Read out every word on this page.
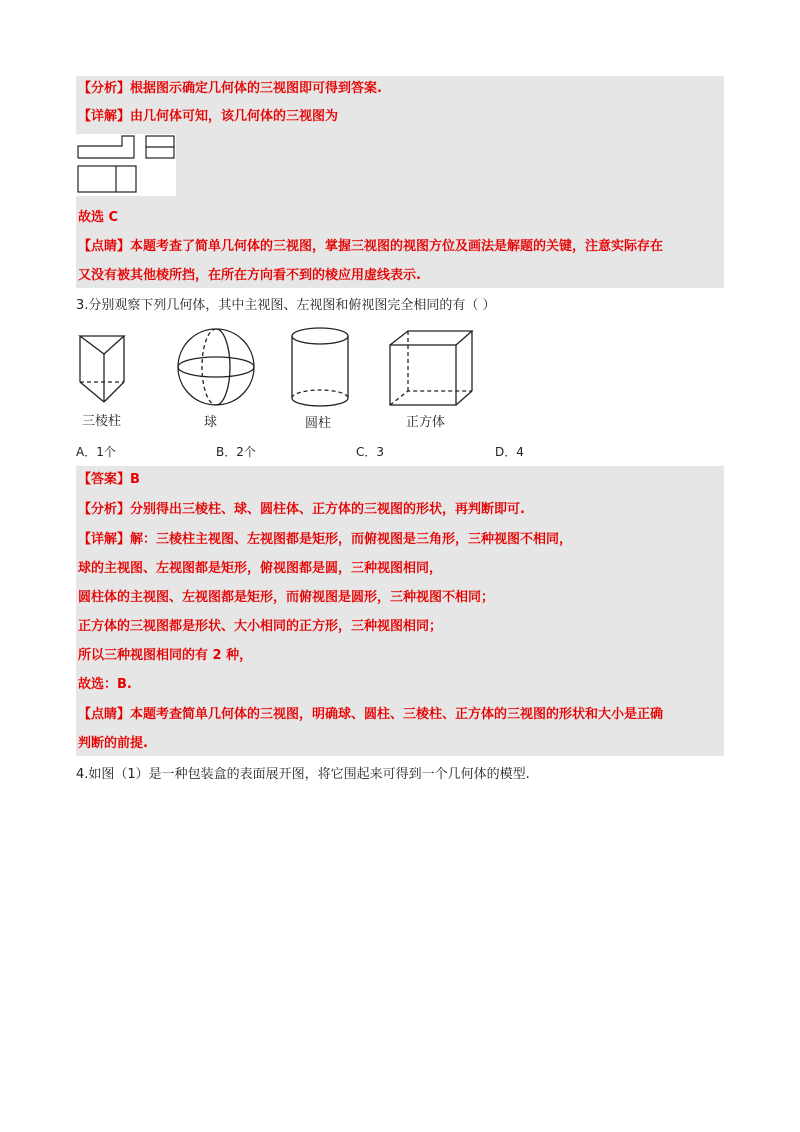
【分析】根据图示确定几何体的三视图即可得到答案.
【详解】由几何体可知，该几何体的三视图为
故选 C
【点睛】本题考查了简单几何体的三视图，掌握三视图的视图方位及画法是解题的关键，注意实际存在
又没有被其他棱所挡，在所在方向看不到的棱应用虚线表示.
3.分别观察下列几何体，其中主视图、左视图和俯视图完全相同的有（ ）
三棱柱	球	圆柱	正方体
A．1个	B．2个	C．3	D．4
【答案】B
【分析】分别得出三棱柱、球、圆柱体、正方体的三视图的形状，再判断即可.
【详解】解：三棱柱主视图、左视图都是矩形，而俯视图是三角形，三种视图不相同，
球的主视图、左视图都是矩形，俯视图都是圆，三种视图相同，
圆柱体的主视图、左视图都是矩形，而俯视图是圆形，三种视图不相同；
正方体的三视图都是形状、大小相同的正方形，三种视图相同；
所以三种视图相同的有 2 种，
故选：B.
【点睛】本题考查简单几何体的三视图，明确球、圆柱、三棱柱、正方体的三视图的形状和大小是正确
判断的前提.
4.如图（1）是一种包装盒的表面展开图，将它围起来可得到一个几何体的模型.
